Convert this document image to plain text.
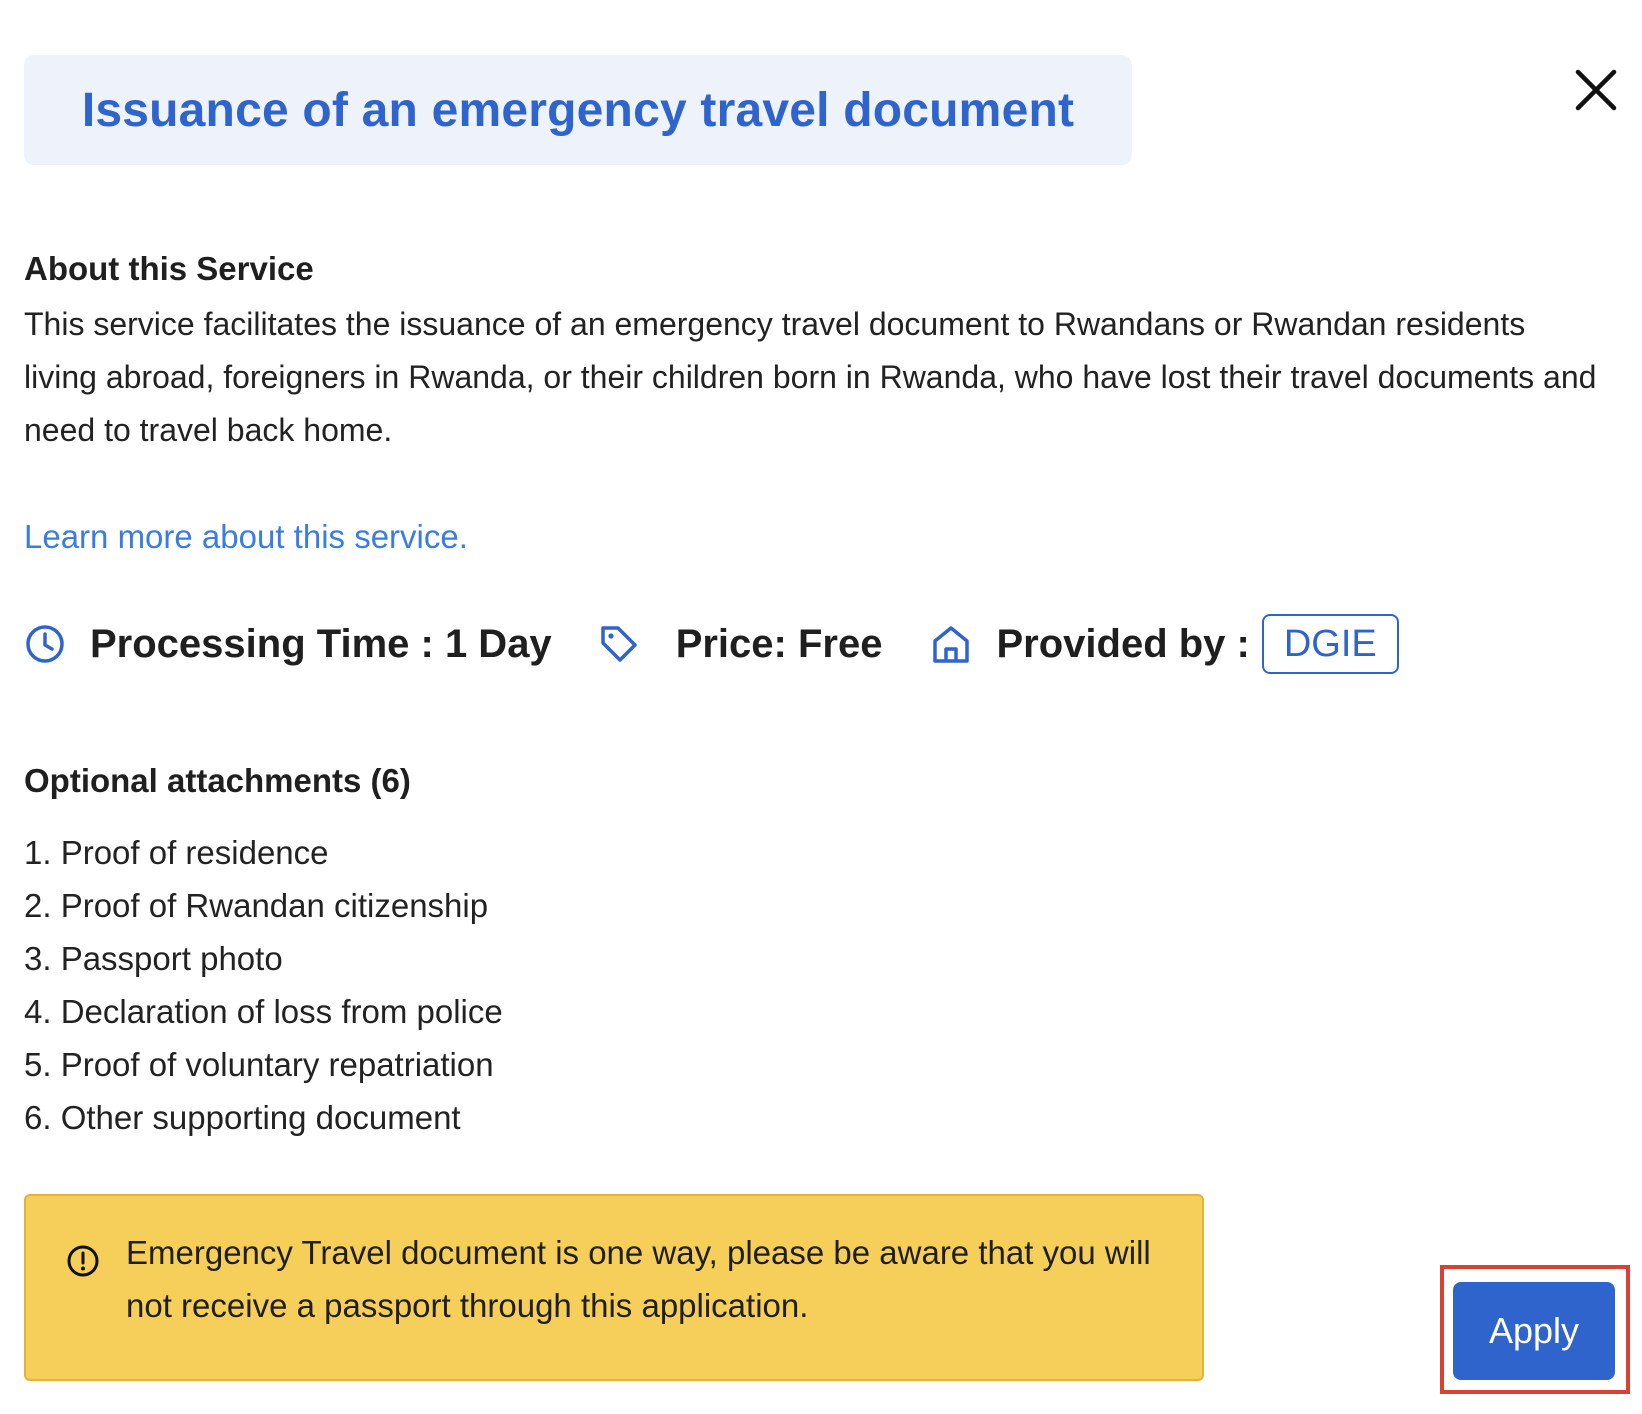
Issuance of an emergency travel document
About this Service
This service facilitates the issuance of an emergency travel document to Rwandans or Rwandan residents living abroad, foreigners in Rwanda, or their children born in Rwanda, who have lost their travel documents and need to travel back home.
Learn more about this service.
Processing Time : 1 Day	Price: Free	Provided by : DGIE
Optional attachments (6)
1. Proof of residence
2. Proof of Rwandan citizenship
3. Passport photo
4. Declaration of loss from police
5. Proof of voluntary repatriation
6. Other supporting document
Emergency Travel document is one way, please be aware that you will not receive a passport through this application.
Apply
